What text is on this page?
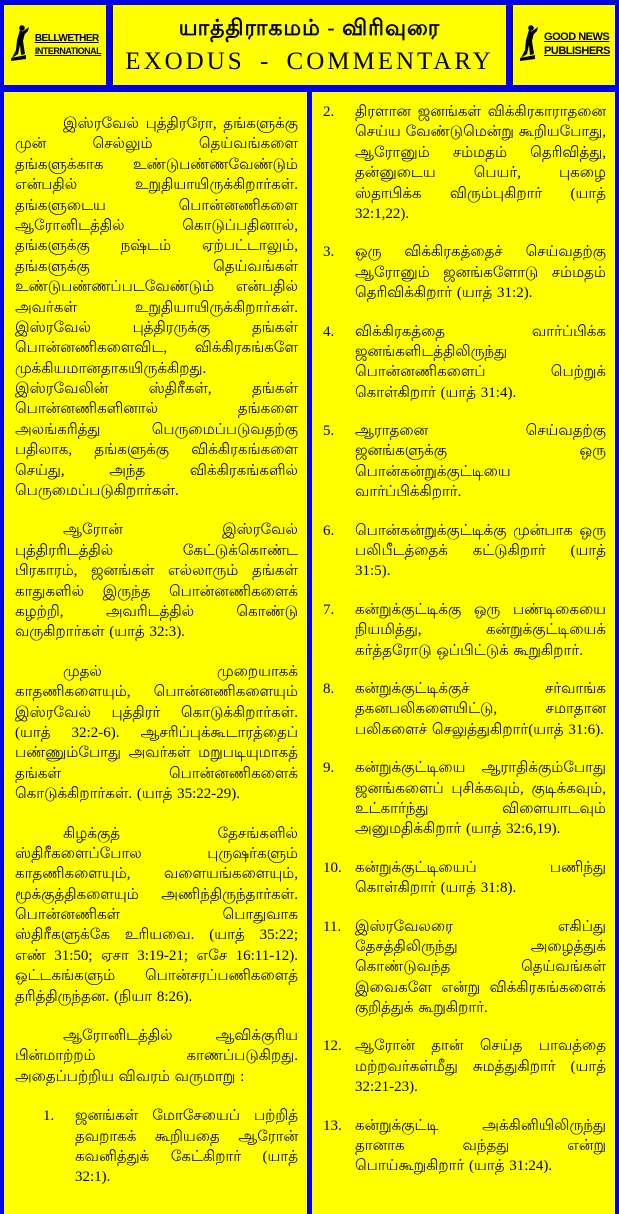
BELLWETHER
INTERNATIONAL
யாத்திராகமம் - விரிவுரை
EXODUS - COMMENTARY
GOOD NEWS
PUBLISHERS

இஸ்ரவேல் புத்திரரோ, தங்களுக்கு முன் செல்லும் தெய்வங்களை தங்களுக்காக உண்டுபண்ணவேண்டும் என்பதில் உறுதியாயிருக்கிறார்கள். தங்களுடைய பொன்னணிகளை ஆரோனிடத்தில் கொடுப்பதினால், தங்களுக்கு நஷ்டம் ஏற்பட்டாலும், தங்களுக்கு தெய்வங்கள் உண்டுபண்ணப்படவேண்டும் என்பதில் அவர்கள் உறுதியாயிருக்கிறார்கள். இஸ்ரவேல் புத்திரருக்கு தங்கள் பொன்னணிகளைவிட, விக்கிரகங்களே முக்கியமானதாகயிருக்கிறது. இஸ்ரவேலின் ஸ்திரீகள், தங்கள் பொன்னணிகளினால் தங்களை அலங்கரித்து பெருமைப்படுவதற்கு பதிலாக, தங்களுக்கு விக்கிரகங்களை செய்து, அந்த விக்கிரகங்களில் பெருமைப்படுகிறார்கள்.

ஆரோன் இஸ்ரவேல் புத்திரரிடத்தில் கேட்டுக்கொண்ட பிரகாரம், ஜனங்கள் எல்லாரும் தங்கள் காதுகளில் இருந்த பொன்னணிகளைக் கழற்றி, அவரிடத்தில் கொண்டு வருகிறார்கள் (யாத் 32:3).

முதல் முறையாகக் காதணிகளையும், பொன்னணிகளையும் இஸ்ரவேல் புத்திரர் கொடுக்கிறார்கள். (யாத் 32:2-6). ஆசரிப்புக்கூடாரத்தைப் பண்ணும்போது அவர்கள் மறுபடியுமாகத் தங்கள் பொன்னணிகளைக் கொடுக்கிறார்கள். (யாத் 35:22-29).

கிழக்குத் தேசங்களில் ஸ்திரீகளைப்போல புருஷர்களும் காதணிகளையும், வளையங்களையும், மூக்குத்திகளையும் அணிந்திருந்தார்கள். பொன்னணிகள் பொதுவாக ஸ்திரீகளுக்கே உரியவை. (யாத் 35:22; எண் 31:50; ஏசா 3:19-21; எசே 16:11-12). ஒட்டகங்களும் பொன்சரப்பணிகளைத் தரித்திருந்தன. (நியா 8:26).

ஆரோனிடத்தில் ஆவிக்குரிய பின்மாற்றம் காணப்படுகிறது. அதைப்பற்றிய விவரம் வருமாறு :

1.	ஜனங்கள் மோசேயைப் பற்றித் தவறாகக் கூறியதை ஆரோன் கவனித்துக் கேட்கிறார் (யாத் 32:1).
2.	திரளான ஜனங்கள் விக்கிரகாராதனை செய்ய வேண்டுமென்று கூறியபோது, ஆரோனும் சம்மதம் தெரிவித்து, தன்னுடைய பெயர், புகழை ஸ்தாபிக்க விரும்புகிறார் (யாத் 32:1,22).
3.	ஒரு விக்கிரகத்தைச் செய்வதற்கு ஆரோனும் ஜனங்களோடு சம்மதம் தெரிவிக்கிறார் (யாத் 31:2).
4.	விக்கிரகத்தை வார்ப்பிக்க ஜனங்களிடத்திலிருந்து பொன்னணிகளைப் பெற்றுக் கொள்கிறார் (யாத் 31:4).
5.	ஆராதனை செய்வதற்கு ஜனங்களுக்கு ஒரு பொன்கன்றுக்குட்டியை வார்ப்பிக்கிறார்.
6.	பொன்கன்றுக்குட்டிக்கு முன்பாக ஒரு பலிபீடத்தைக் கட்டுகிறார் (யாத் 31:5).
7.	கன்றுக்குட்டிக்கு ஒரு பண்டிகையை நியமித்து, கன்றுக்குட்டியைக் கர்த்தரோடு ஒப்பிட்டுக் கூறுகிறார்.
8.	கன்றுக்குட்டிக்குச் சர்வாங்க தகனபலிகளையிட்டு, சமாதான பலிகளைச் செலுத்துகிறார்(யாத் 31:6).
9.	கன்றுக்குட்டியை ஆராதிக்கும்போது ஜனங்களைப் புசிக்கவும், குடிக்கவும், உட்கார்ந்து விளையாடவும் அனுமதிக்கிறார் (யாத் 32:6,19).
10. கன்றுக்குட்டியைப் பணிந்து கொள்கிறார் (யாத் 31:8).
11. இஸ்ரவேலரை எகிப்து தேசத்திலிருந்து அழைத்துக் கொண்டுவந்த தெய்வங்கள் இவைகளே என்று விக்கிரகங்களைக் குறித்துக் கூறுகிறார்.
12. ஆரோன் தான் செய்த பாவத்தை மற்றவர்கள்மீது சுமத்துகிறார் (யாத் 32:21-23).
13. கன்றுக்குட்டி அக்கினியிலிருந்து தானாக வந்தது என்று பொய்கூறுகிறார் (யாத் 31:24).
